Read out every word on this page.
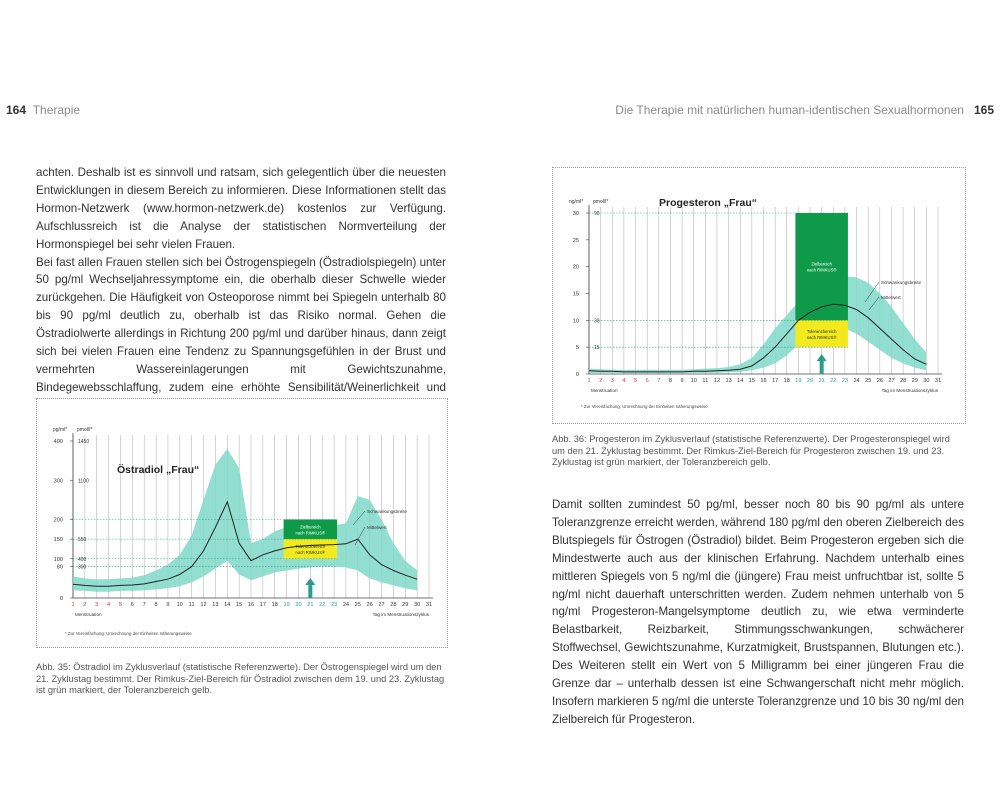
164 Therapie	Die Therapie mit natürlichen human-identischen Sexualhormonen 165

achten. Deshalb ist es sinnvoll und ratsam, sich gelegentlich über die neuesten Entwicklungen in diesem Bereich zu informieren. Diese Informationen stellt das Hormon-Netzwerk (www.hormon-netzwerk.de) kostenlos zur Verfügung. Aufschlussreich ist die Analyse der statistischen Normverteilung der Hormonspiegel bei sehr vielen Frauen.

Bei fast allen Frauen stellen sich bei Östrogenspiegeln (Östradiolspiegeln) unter 50 pg/ml Wechseljahressymptome ein, die oberhalb dieser Schwelle wieder zurückgehen. Die Häufigkeit von Osteoporose nimmt bei Spiegeln unterhalb 80 bis 90 pg/ml deutlich zu, oberhalb ist das Risiko normal. Gehen die Östradiolwerte allerdings in Richtung 200 pg/ml und darüber hinaus, dann zeigt sich bei vielen Frauen eine Tendenz zu Spannungsgefühlen in der Brust und vermehrten Wassereinlagerungen mit Gewichtszunahme, Bindegewebsschlaffung, zudem eine erhöhte Sensibilität/Weinerlichkeit und

Zielbereich
nach RIMKUS®
Toleranzbereich
nach RIMKUS®
1 2 3 4 5 6 7 8 9 10 11 12 13 14 15 16 17 18 19 20 21 22 23 24 25 26 27 28 29 30 31
0
80
100
150
200
300
400
300
400
550
1100
1450
pg/ml* pmol/l*
Menstruation	Tag im Menstruationszyklus
Östradiol „Frau“
Schwankungsbreite
Mittelwert
* Zur Vereinfachung: Umrechnung der Einheiten näherungsweise
Abb. 35: Östradiol im Zyklusverlauf (statistische Referenzwerte). Der Östrogenspiegel wird um den 21. Zyklustag bestimmt. Der Rimkus-Ziel-Bereich für Östradiol zwischen dem 19. und 23. Zyklustag ist grün markiert, der Toleranzbereich gelb.
Zielbereich
nach RIMKUS®
Toleranzbereich
nach RIMKUS®
1 2 3 4 5 6 7 8 9 10 11 12 13 14 15 16 17 18 19 20 21 22 23 24 25 26 27 28 29 30 31
0
5
10
15
20
25
30
15
30
90
ng/ml* pmol/l*
Menstruation	Tag im Menstruationszyklus
Progesteron „Frau“
Schwankungsbreite
Mittelwert
* Zur Vereinfachung: Umrechnung der Einheiten näherungsweise
Abb. 36: Progesteron im Zyklusverlauf (statistische Referenzwerte). Der Progesteronspiegel wird um den 21. Zyklustag bestimmt. Der Rimkus-Ziel-Bereich für Progesteron zwischen 19. und 23. Zyklustag ist grün markiert, der Toleranzbereich gelb.

Damit sollten zumindest 50 pg/ml, besser noch 80 bis 90 pg/ml als untere Toleranzgrenze erreicht werden, während 180 pg/ml den oberen Zielbereich des Blutspiegels für Östrogen (Östradiol) bildet. Beim Progesteron ergeben sich die Mindestwerte auch aus der klinischen Erfahrung. Nachdem unterhalb eines mittleren Spiegels von 5 ng/ml die (jüngere) Frau meist unfruchtbar ist, sollte 5 ng/ml nicht dauerhaft unterschritten werden. Zudem nehmen unterhalb von 5 ng/ml Progesteron-Mangelsymptome deutlich zu, wie etwa verminderte Belastbarkeit, Reizbarkeit, Stimmungsschwankungen, schwächerer Stoffwechsel, Gewichtszunahme, Kurzatmigkeit, Brustspannen, Blutungen etc.). Des Weiteren stellt ein Wert von 5 Milligramm bei einer jüngeren Frau die Grenze dar – unterhalb dessen ist eine Schwangerschaft nicht mehr möglich. Insofern markieren 5 ng/ml die unterste Toleranzgrenze und 10 bis 30 ng/ml den Zielbereich für Progesteron.
